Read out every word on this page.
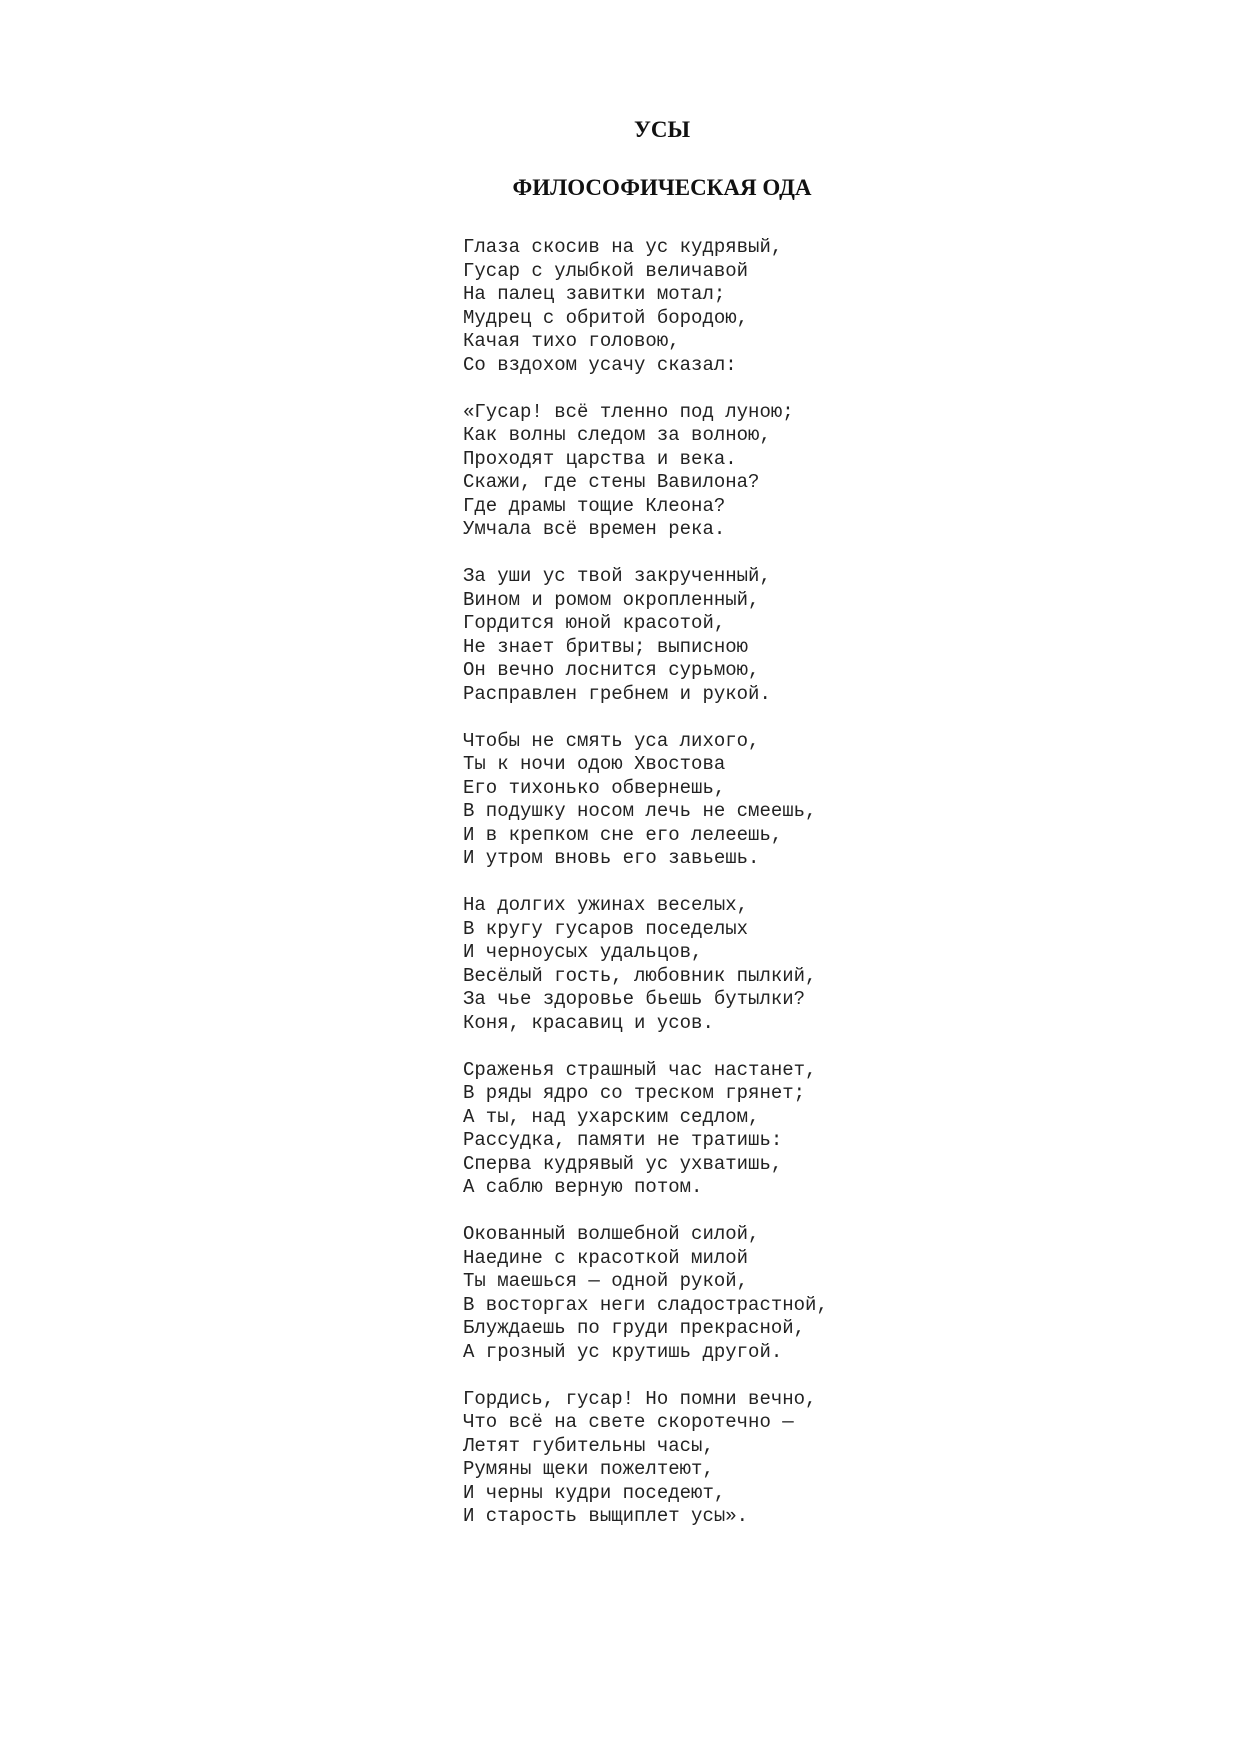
УСЫ
ФИЛОСОФИЧЕСКАЯ ОДА
Глаза скосив на ус кудрявый,
Гусар с улыбкой величавой
На палец завитки мотал;
Мудрец с обритой бородою,
Качая тихо головою,
Со вздохом усачу сказал:
«Гусар! всё тленно под луною;
Как волны следом за волною,
Проходят царства и века.
Скажи, где стены Вавилона?
Где драмы тощие Клеона?
Умчала всё времен река.
За уши ус твой закрученный,
Вином и ромом окропленный,
Гордится юной красотой,
Не знает бритвы; выписною
Он вечно лоснится сурьмою,
Расправлен гребнем и рукой.
Чтобы не смять уса лихого,
Ты к ночи одою Хвостова
Его тихонько обвернешь,
В подушку носом лечь не смеешь,
И в крепком сне его лелеешь,
И утром вновь его завьешь.
На долгих ужинах веселых,
В кругу гусаров поседелых
И черноусых удальцов,
Весёлый гость, любовник пылкий,
За чье здоровье бьешь бутылки?
Коня, красавиц и усов.
Сраженья страшный час настанет,
В ряды ядро со треском грянет;
А ты, над ухарским седлом,
Рассудка, памяти не тратишь:
Сперва кудрявый ус ухватишь,
А саблю верную потом.
Окованный волшебной силой,
Наедине с красоткой милой
Ты маешься — одной рукой,
В восторгах неги сладострастной,
Блуждаешь по груди прекрасной,
А грозный ус крутишь другой.
Гордись, гусар! Но помни вечно,
Что всё на свете скоротечно —
Летят губительны часы,
Румяны щеки пожелтеют,
И черны кудри поседеют,
И старость выщиплет усы».
